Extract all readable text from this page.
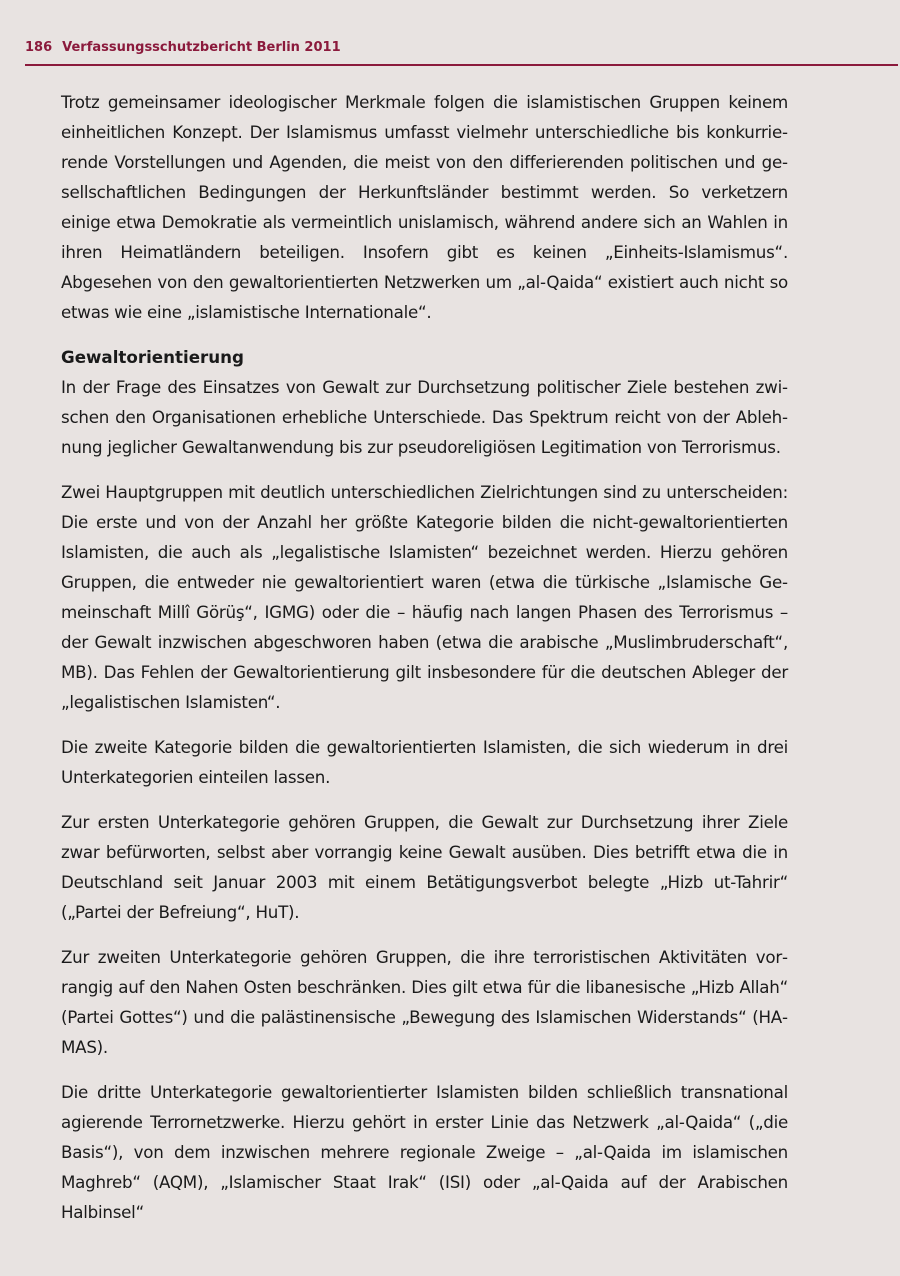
186 Verfassungsschutzbericht Berlin 2011

Trotz gemeinsamer ideologischer Merkmale folgen die islamistischen Gruppen keinem einheitlichen Konzept. Der Islamismus umfasst vielmehr unterschiedliche bis konkurrierende Vorstellungen und Agenden, die meist von den differierenden politischen und gesellschaftlichen Bedingungen der Herkunftsländer bestimmt werden. So verketzern einige etwa Demokratie als vermeintlich unislamisch, während andere sich an Wahlen in ihren Heimatländern beteiligen. Insofern gibt es keinen „Einheits-Islamismus“. Abgesehen von den gewaltorientierten Netzwerken um „al-Qaida“ existiert auch nicht so etwas wie eine „islamistische Internationale“.

Gewaltorientierung

In der Frage des Einsatzes von Gewalt zur Durchsetzung politischer Ziele bestehen zwischen den Organisationen erhebliche Unterschiede. Das Spektrum reicht von der Ablehnung jeglicher Gewaltanwendung bis zur pseudoreligiösen Legitimation von Terrorismus.

Zwei Hauptgruppen mit deutlich unterschiedlichen Zielrichtungen sind zu unterscheiden: Die erste und von der Anzahl her größte Kategorie bilden die nicht-gewaltorientierten Islamisten, die auch als „legalistische Islamisten“ bezeichnet werden. Hierzu gehören Gruppen, die entweder nie gewaltorientiert waren (etwa die türkische „Islamische Gemeinschaft Millî Görüş“, IGMG) oder die – häufig nach langen Phasen des Terrorismus – der Gewalt inzwischen abgeschworen haben (etwa die arabische „Muslimbruderschaft“, MB). Das Fehlen der Gewaltorientierung gilt insbesondere für die deutschen Ableger der „legalistischen Islamisten“.

Die zweite Kategorie bilden die gewaltorientierten Islamisten, die sich wiederum in drei Unterkategorien einteilen lassen.

Zur ersten Unterkategorie gehören Gruppen, die Gewalt zur Durchsetzung ihrer Ziele zwar befürworten, selbst aber vorrangig keine Gewalt ausüben. Dies betrifft etwa die in Deutschland seit Januar 2003 mit einem Betätigungsverbot belegte „Hizb ut-Tahrir“ („Partei der Befreiung“, HuT).

Zur zweiten Unterkategorie gehören Gruppen, die ihre terroristischen Aktivitäten vorrangig auf den Nahen Osten beschränken. Dies gilt etwa für die libanesische „Hizb Allah“ (Partei Gottes“) und die palästinensische „Bewegung des Islamischen Widerstands“ (HAMAS).

Die dritte Unterkategorie gewaltorientierter Islamisten bilden schließlich transnational agierende Terrornetzwerke. Hierzu gehört in erster Linie das Netzwerk „al-Qaida“ („die Basis“), von dem inzwischen mehrere regionale Zweige – „al-Qaida im islamischen Maghreb“ (AQM), „Islamischer Staat Irak“ (ISI) oder „al-Qaida auf der Arabischen Halbinsel“
